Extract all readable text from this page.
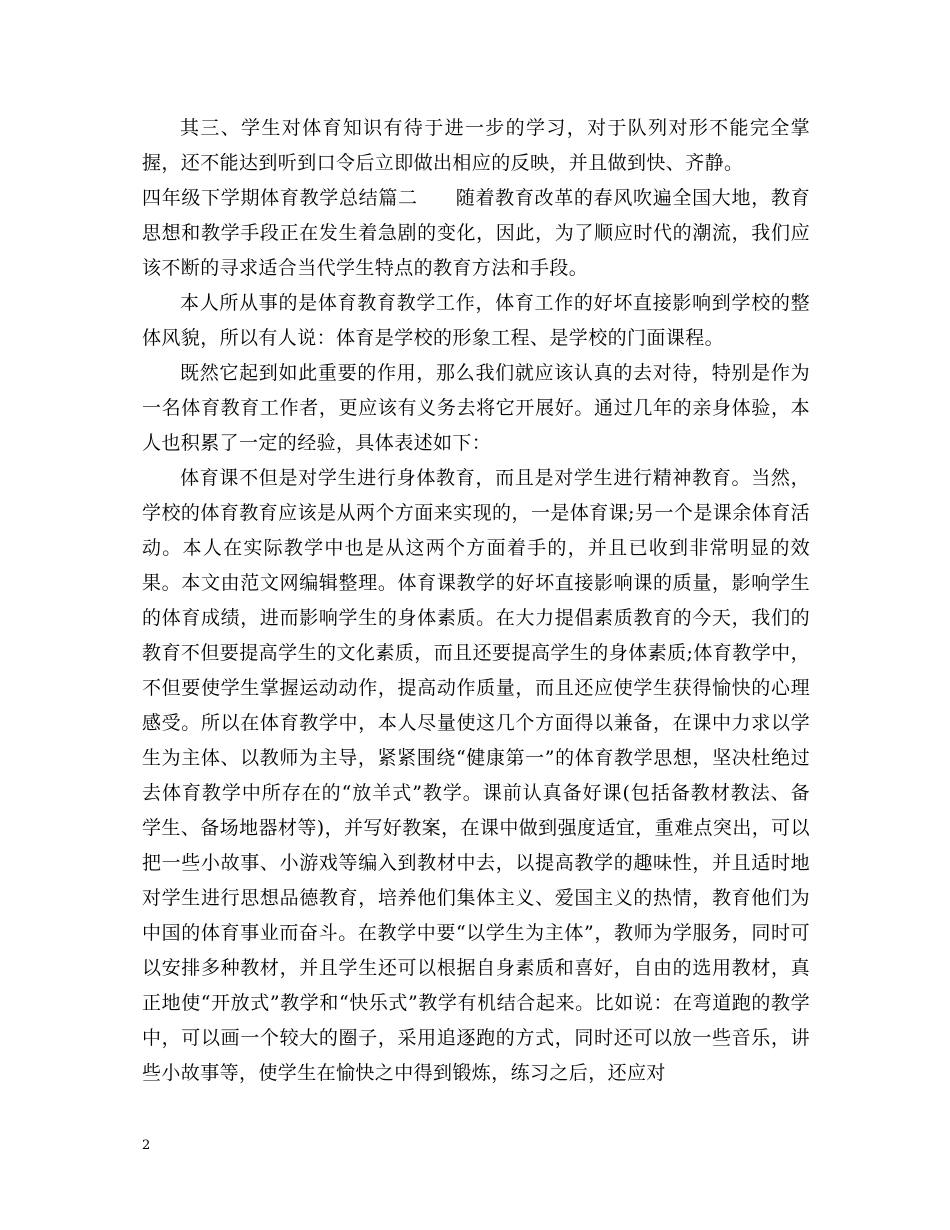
其三、学生对体育知识有待于进一步的学习，对于队列对形不能完全掌握，还不能达到听到口令后立即做出相应的反映，并且做到快、齐静。

四年级下学期体育教学总结篇二 随着教育改革的春风吹遍全国大地，教育思想和教学手段正在发生着急剧的变化，因此，为了顺应时代的潮流，我们应该不断的寻求适合当代学生特点的教育方法和手段。

本人所从事的是体育教育教学工作，体育工作的好坏直接影响到学校的整体风貌，所以有人说：体育是学校的形象工程、是学校的门面课程。

既然它起到如此重要的作用，那么我们就应该认真的去对待，特别是作为一名体育教育工作者，更应该有义务去将它开展好。通过几年的亲身体验，本人也积累了一定的经验，具体表述如下：

体育课不但是对学生进行身体教育，而且是对学生进行精神教育。当然，学校的体育教育应该是从两个方面来实现的，一是体育课;另一个是课余体育活动。本人在实际教学中也是从这两个方面着手的，并且已收到非常明显的效果。本文由范文网编辑整理。体育课教学的好坏直接影响课的质量，影响学生的体育成绩，进而影响学生的身体素质。在大力提倡素质教育的今天，我们的教育不但要提高学生的文化素质，而且还要提高学生的身体素质;体育教学中，不但要使学生掌握运动动作，提高动作质量，而且还应使学生获得愉快的心理感受。所以在体育教学中，本人尽量使这几个方面得以兼备，在课中力求以学生为主体、以教师为主导，紧紧围绕“健康第一”的体育教学思想，坚决杜绝过去体育教学中所存在的“放羊式”教学。课前认真备好课(包括备教材教法、备学生、备场地器材等)，并写好教案，在课中做到强度适宜，重难点突出，可以把一些小故事、小游戏等编入到教材中去，以提高教学的趣味性，并且适时地对学生进行思想品德教育，培养他们集体主义、爱国主义的热情，教育他们为中国的体育事业而奋斗。在教学中要“以学生为主体”，教师为学服务，同时可以安排多种教材，并且学生还可以根据自身素质和喜好，自由的选用教材，真正地使“开放式”教学和“快乐式”教学有机结合起来。比如说：在弯道跑的教学中，可以画一个较大的圈子，采用追逐跑的方式，同时还可以放一些音乐，讲些小故事等，使学生在愉快之中得到锻炼，练习之后，还应对

2
